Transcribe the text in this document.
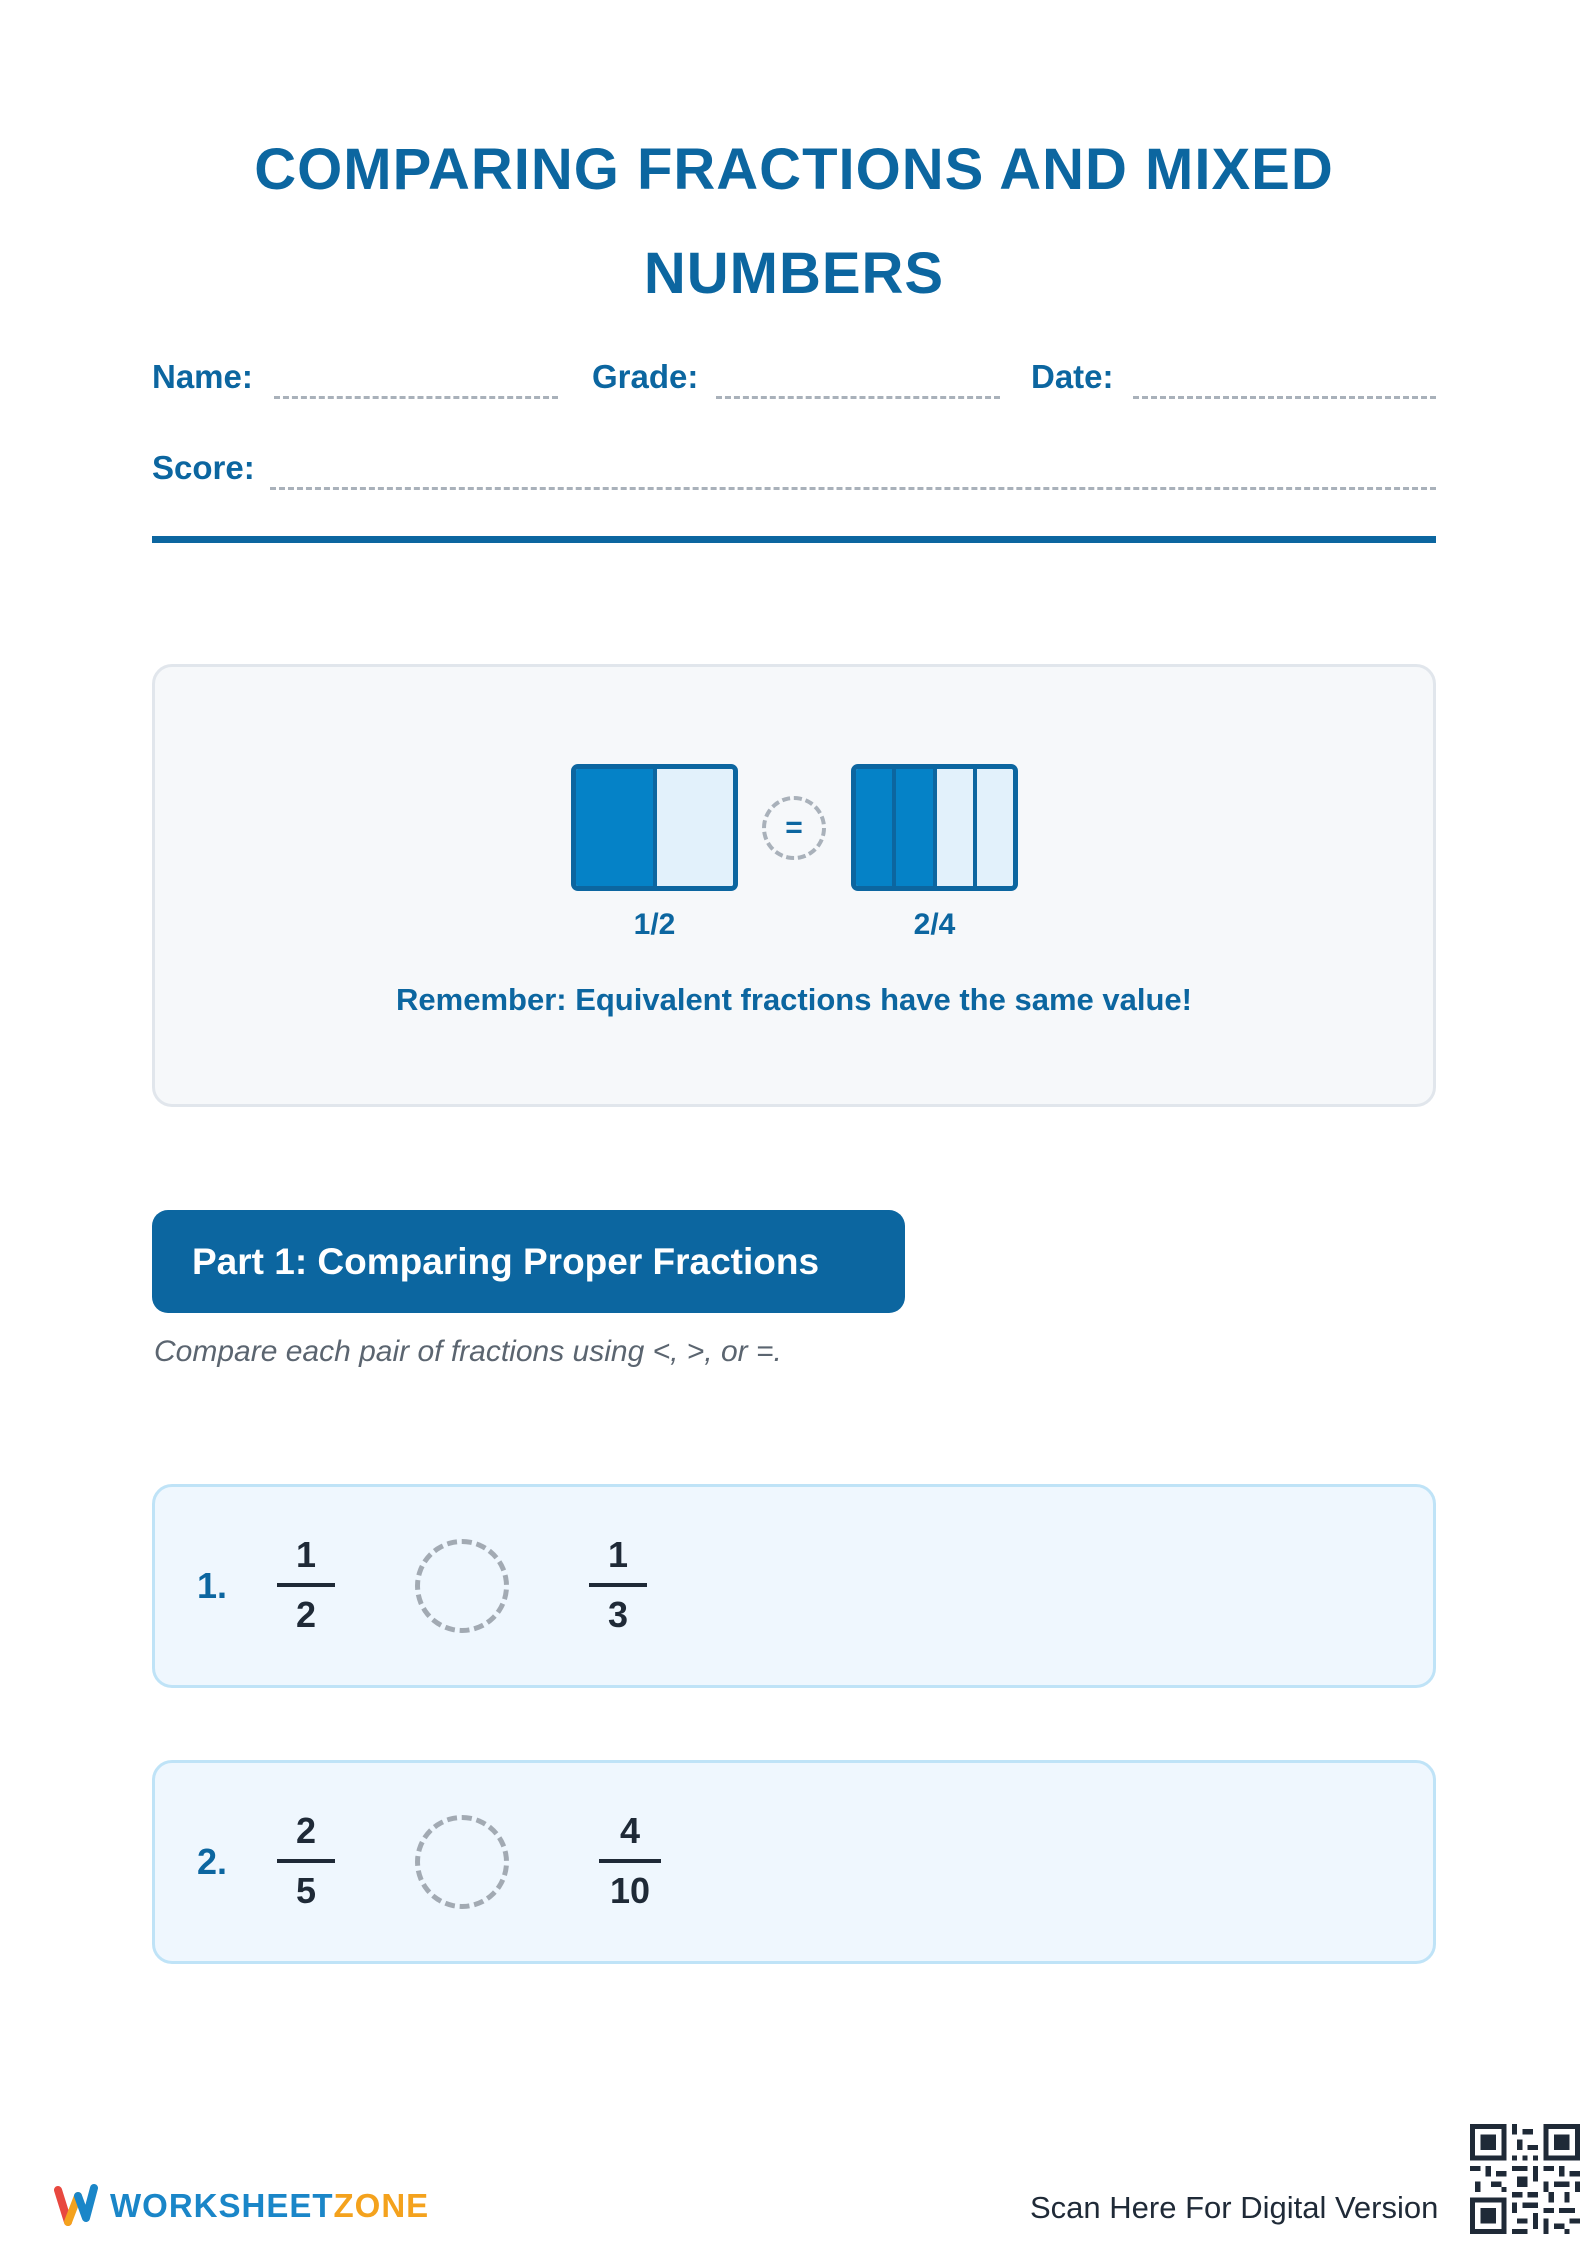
COMPARING FRACTIONS AND MIXED NUMBERS
Name:	Grade:	Date:
Score:
=
1/2	2/4
Remember: Equivalent fractions have the same value!
Part 1: Comparing Proper Fractions
Compare each pair of fractions using <, >, or =.
1.
1
2
1
3
2.
2
5
4
10
WORKSHEETZONE	Scan Here For Digital Version
